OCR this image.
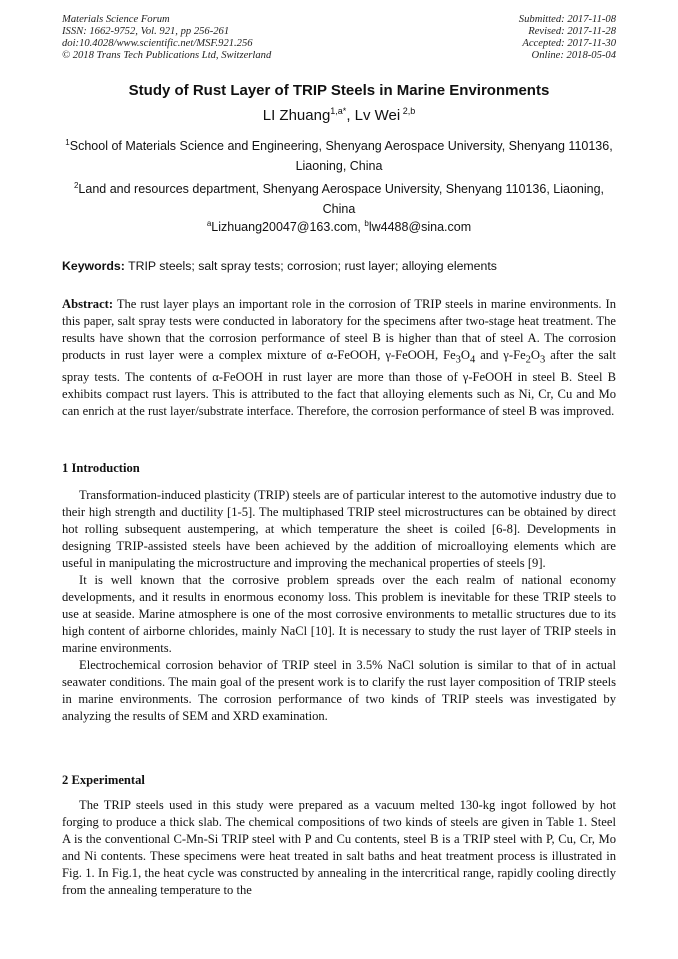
Materials Science Forum
ISSN: 1662-9752, Vol. 921, pp 256-261
doi:10.4028/www.scientific.net/MSF.921.256
© 2018 Trans Tech Publications Ltd, Switzerland
Submitted: 2017-11-08
Revised: 2017-11-28
Accepted: 2017-11-30
Online: 2018-05-04
Study of Rust Layer of TRIP Steels in Marine Environments
LI Zhuang$^{1,a*}$, Lv Wei $^{2,b}$
$^1$School of Materials Science and Engineering, Shenyang Aerospace University, Shenyang 110136, Liaoning, China
$^2$Land and resources department, Shenyang Aerospace University, Shenyang 110136, Liaoning, China
$^a$Lizhuang20047@163.com, $^b$lw4488@sina.com
Keywords: TRIP steels; salt spray tests; corrosion; rust layer; alloying elements
Abstract: The rust layer plays an important role in the corrosion of TRIP steels in marine environments. In this paper, salt spray tests were conducted in laboratory for the specimens after two-stage heat treatment. The results have shown that the corrosion performance of steel B is higher than that of steel A. The corrosion products in rust layer were a complex mixture of α-FeOOH, γ-FeOOH, $Fe_3O_4$ and $\gamma-Fe_2O_3$ after the salt spray tests. The contents of α-FeOOH in rust layer are more than those of γ-FeOOH in steel B. Steel B exhibits compact rust layers. This is attributed to the fact that alloying elements such as Ni, Cr, Cu and Mo can enrich at the rust layer/substrate interface. Therefore, the corrosion performance of steel B was improved.
1 Introduction

Transformation-induced plasticity (TRIP) steels are of particular interest to the automotive industry due to their high strength and ductility [1-5]. The multiphased TRIP steel microstructures can be obtained by direct hot rolling subsequent austempering, at which temperature the sheet is coiled [6-8]. Developments in designing TRIP-assisted steels have been achieved by the addition of microalloying elements which are useful in manipulating the microstructure and improving the mechanical properties of steels [9].

It is well known that the corrosive problem spreads over the each realm of national economy developments, and it results in enormous economy loss. This problem is inevitable for these TRIP steels to use at seaside. Marine atmosphere is one of the most corrosive environments to metallic structures due to its high content of airborne chlorides, mainly NaCl [10]. It is necessary to study the rust layer of TRIP steels in marine environments.

Electrochemical corrosion behavior of TRIP steel in 3.5% NaCl solution is similar to that of in actual seawater conditions. The main goal of the present work is to clarify the rust layer composition of TRIP steels in marine environments. The corrosion performance of two kinds of TRIP steels was investigated by analyzing the results of SEM and XRD examination.

2 Experimental

The TRIP steels used in this study were prepared as a vacuum melted 130-kg ingot followed by hot forging to produce a thick slab. The chemical compositions of two kinds of steels are given in Table 1. Steel A is the conventional C-Mn-Si TRIP steel with P and Cu contents, steel B is a TRIP steel with P, Cu, Cr, Mo and Ni contents. These specimens were heat treated in salt baths and heat treatment process is illustrated in Fig. 1. In Fig.1, the heat cycle was constructed by annealing in the intercritical range, rapidly cooling directly from the annealing temperature to the
